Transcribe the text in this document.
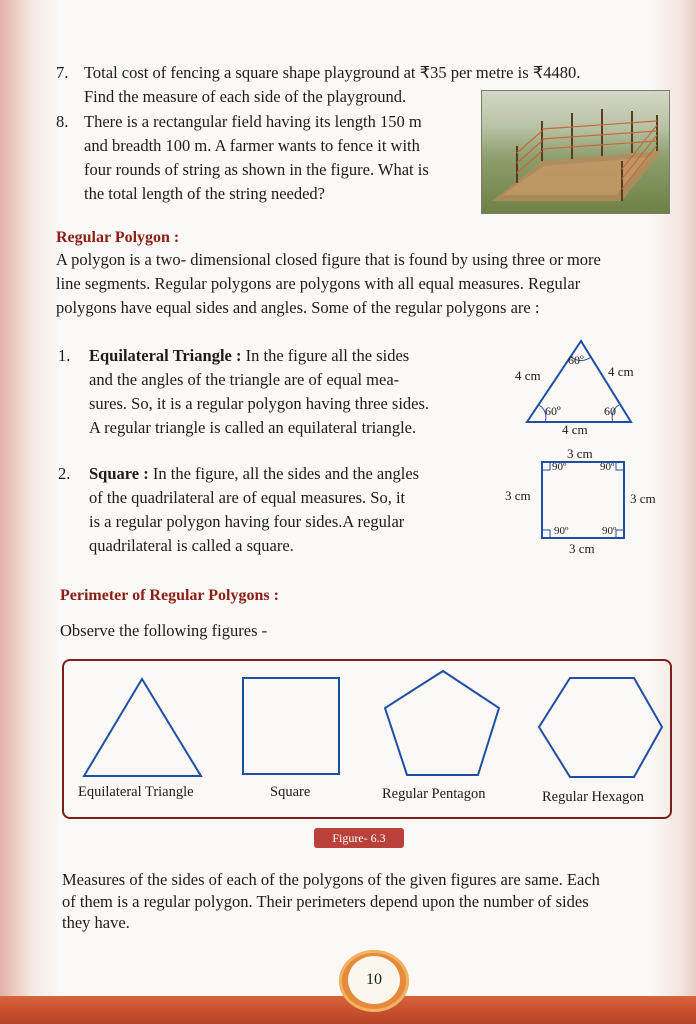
7. Total cost of fencing a square shape playground at ₹35 per metre is ₹4480.
Find the measure of each side of the playground.
8. There is a rectangular field having its length 150 m
and breadth 100 m. A farmer wants to fence it with
four rounds of string as shown in the figure. What is
the total length of the string needed?
Regular Polygon :
A polygon is a two- dimensional closed figure that is found by using three or more
line segments. Regular polygons are polygons with all equal measures. Regular
polygons have equal sides and angles. Some of the regular polygons are :
1. Equilateral Triangle : In the figure all the sides
and the angles of the triangle are of equal mea-
sures. So, it is a regular polygon having three sides.
A regular triangle is called an equilateral triangle.
60º
4 cm	4 cm
60º	60
4 cm
2. Square : In the figure, all the sides and the angles
of the quadrilateral are of equal measures. So, it
is a regular polygon having four sides.A regular
quadrilateral is called a square.
3 cm
3 cm	3 cm
3 cm
90º	90º
90º	90º
Perimeter of Regular Polygons :
Observe the following figures -
Equilateral Triangle	Square	Regular Pentagon	Regular Hexagon
Figure- 6.3
Measures of the sides of each of the polygons of the given figures are same. Each
of them is a regular polygon. Their perimeters depend upon the number of sides
they have.
10
